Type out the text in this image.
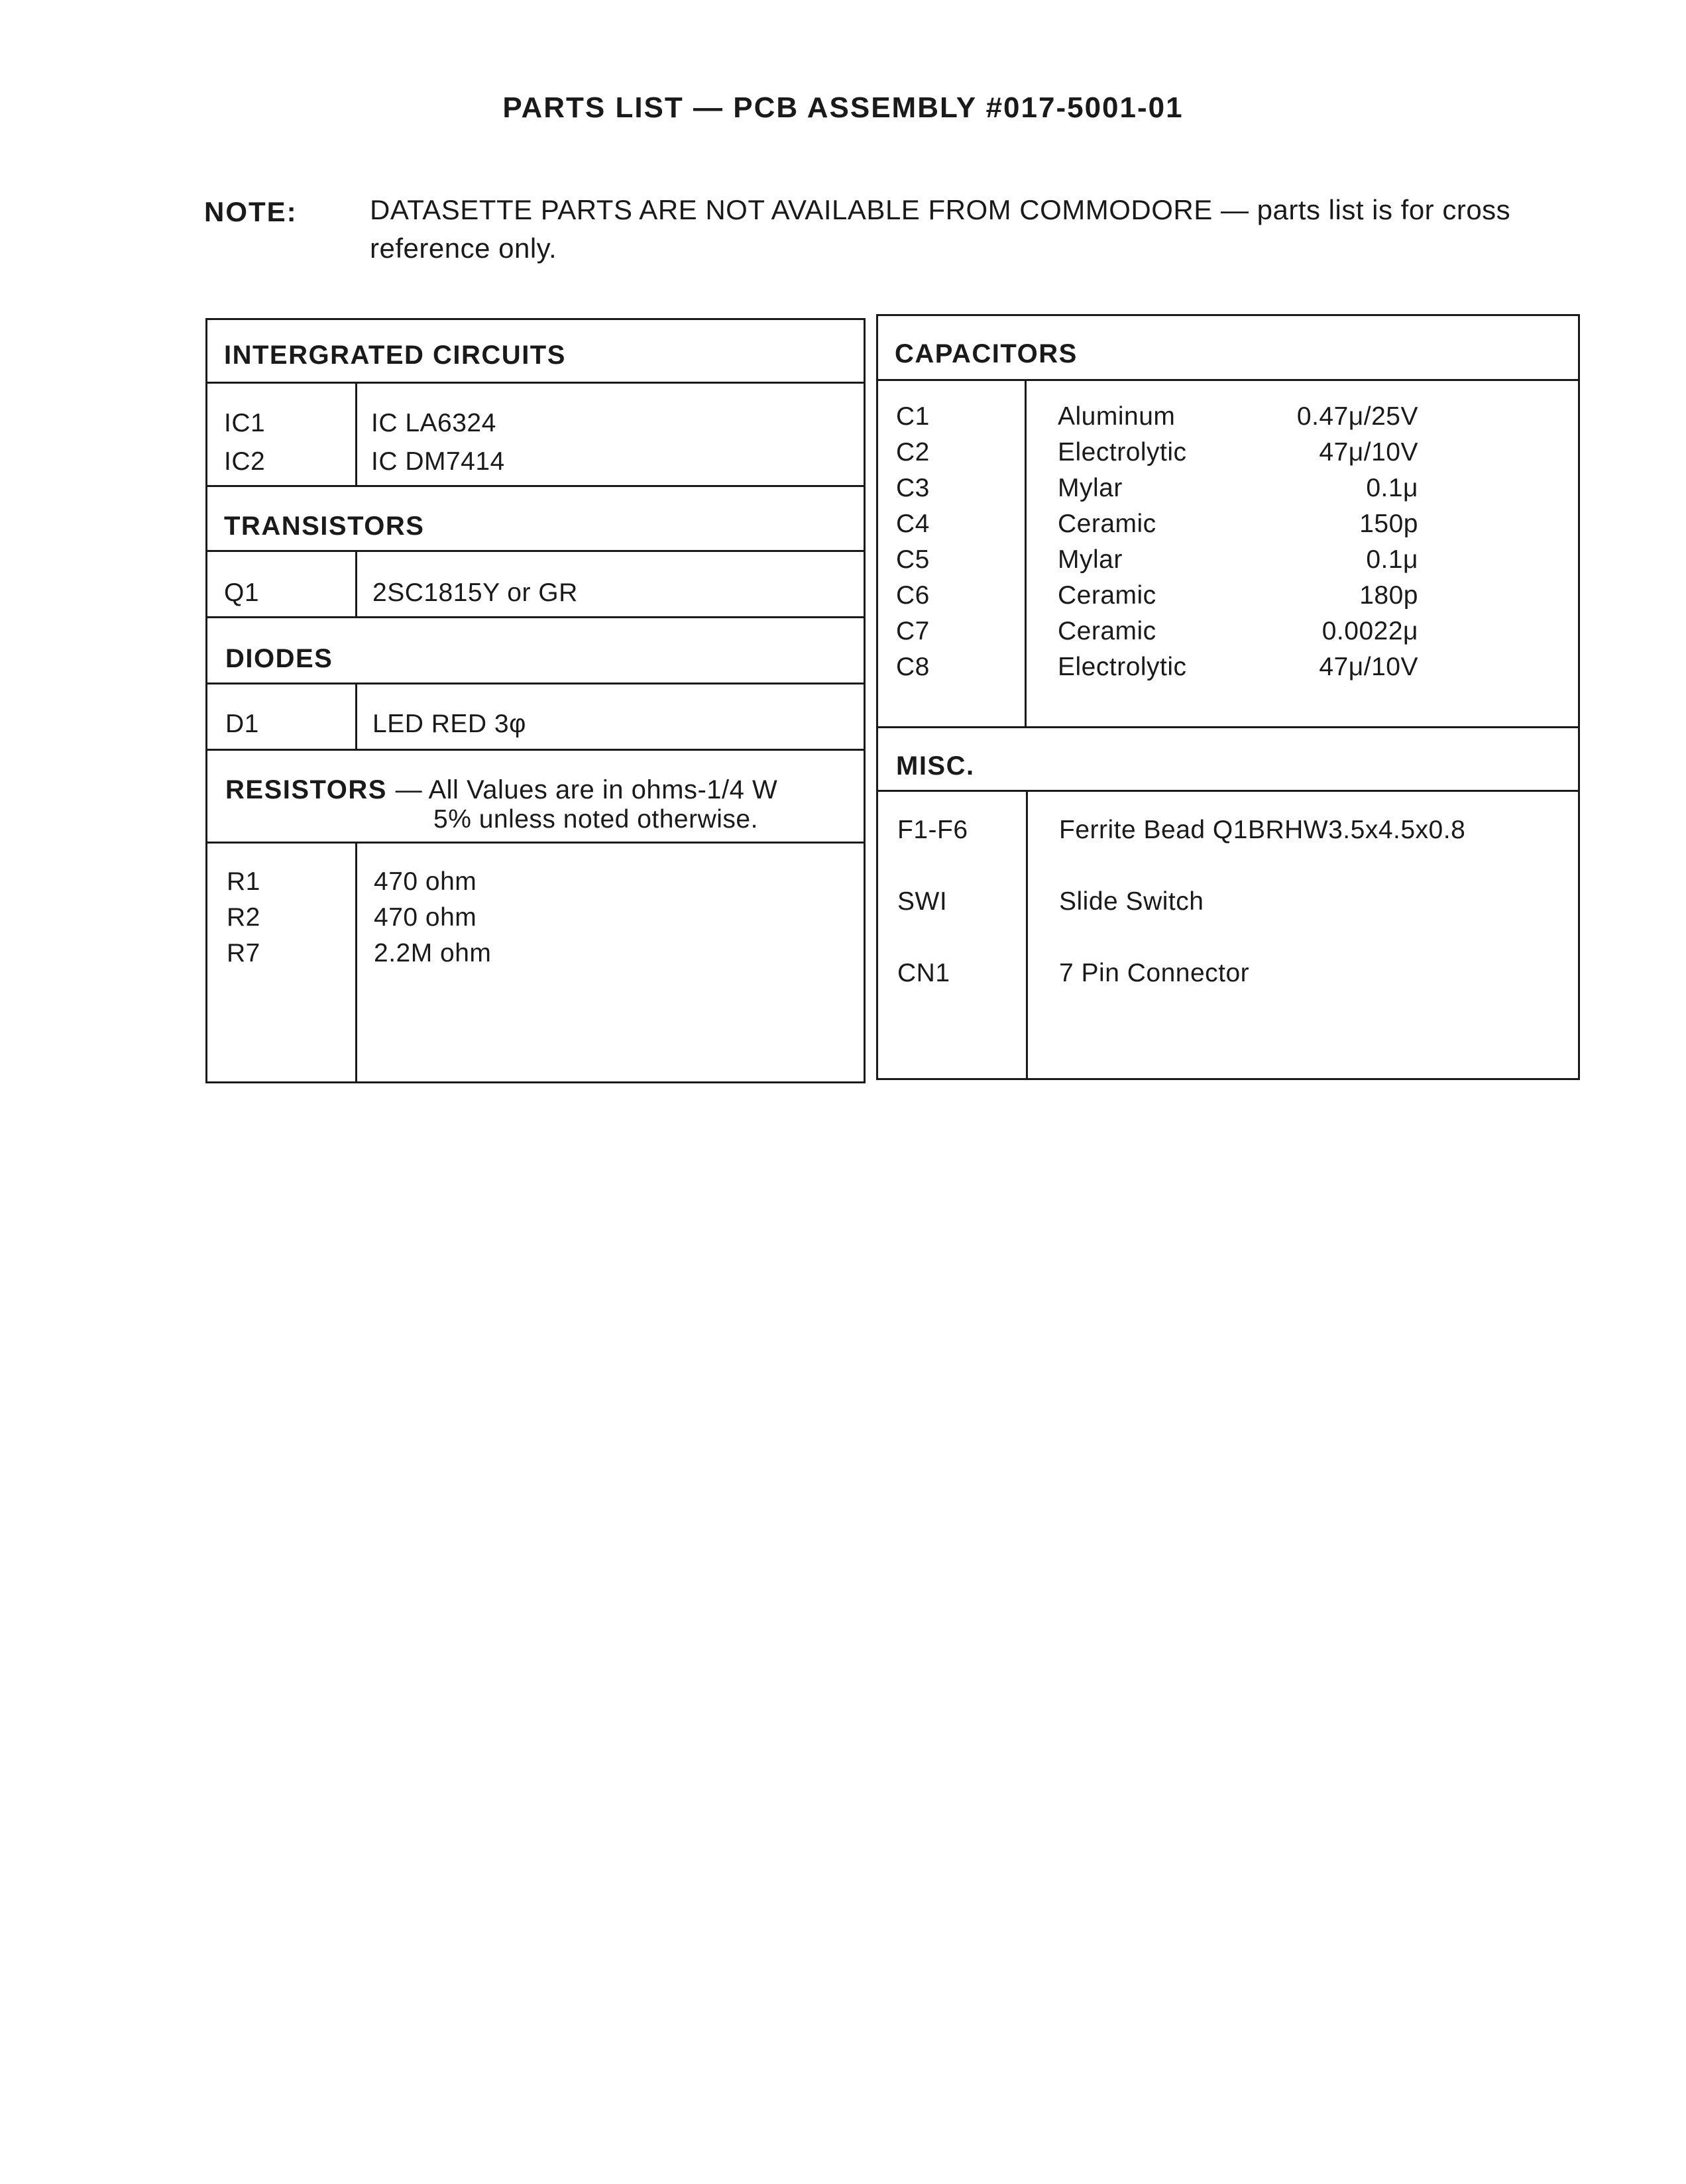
PARTS LIST — PCB ASSEMBLY #017-5001-01
NOTE:	DATASETTE PARTS ARE NOT AVAILABLE FROM COMMODORE — parts list is for cross reference only.
INTERGRATED CIRCUITS
IC1	IC LA6324
IC2	IC DM7414
TRANSISTORS
Q1	2SC1815Y or GR
DIODES
D1	LED RED 3φ
RESISTORS — All Values are in ohms-1/4 W
5% unless noted otherwise.
R1	470 ohm
R2	470 ohm
R7	2.2M ohm
CAPACITORS
C1	Aluminum	0.47μ/25V
C2	Electrolytic	47μ/10V
C3	Mylar	0.1μ
C4	Ceramic	150p
C5	Mylar	0.1μ
C6	Ceramic	180p
C7	Ceramic	0.0022μ
C8	Electrolytic	47μ/10V
MISC.
F1-F6	Ferrite Bead Q1BRHW3.5x4.5x0.8
SWI	Slide Switch
CN1	7 Pin Connector
